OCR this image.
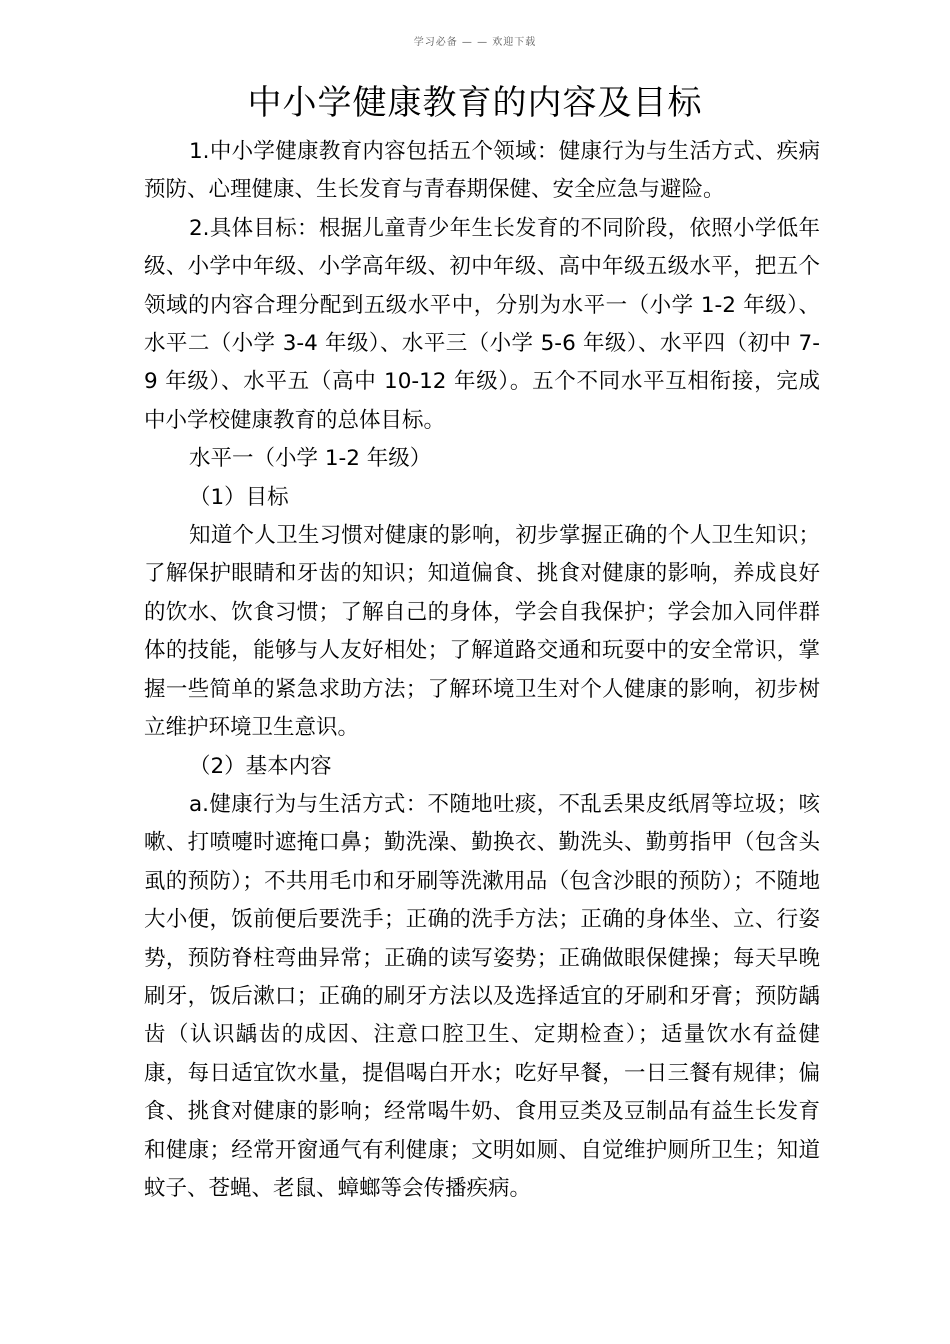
学习必备 — — 欢迎下载
中小学健康教育的内容及目标

1.中小学健康教育内容包括五个领域：健康行为与生活方式、疾病预防、心理健康、生长发育与青春期保健、安全应急与避险。

2.具体目标：根据儿童青少年生长发育的不同阶段，依照小学低年级、小学中年级、小学高年级、初中年级、高中年级五级水平，把五个领域的内容合理分配到五级水平中，分别为水平一（小学 1-2 年级）、水平二（小学 3-4 年级）、水平三（小学 5-6 年级）、水平四（初中 7-9 年级）、水平五（高中 10-12 年级）。五个不同水平互相衔接，完成中小学校健康教育的总体目标。

水平一（小学 1-2 年级）

（1）目标

知道个人卫生习惯对健康的影响，初步掌握正确的个人卫生知识；了解保护眼睛和牙齿的知识；知道偏食、挑食对健康的影响，养成良好的饮水、饮食习惯；了解自己的身体，学会自我保护；学会加入同伴群体的技能，能够与人友好相处；了解道路交通和玩耍中的安全常识，掌握一些简单的紧急求助方法；了解环境卫生对个人健康的影响，初步树立维护环境卫生意识。

（2）基本内容

a.健康行为与生活方式：不随地吐痰，不乱丢果皮纸屑等垃圾；咳嗽、打喷嚏时遮掩口鼻；勤洗澡、勤换衣、勤洗头、勤剪指甲（包含头虱的预防）；不共用毛巾和牙刷等洗漱用品（包含沙眼的预防）；不随地大小便，饭前便后要洗手；正确的洗手方法；正确的身体坐、立、行姿势，预防脊柱弯曲异常；正确的读写姿势；正确做眼保健操；每天早晚刷牙，饭后漱口；正确的刷牙方法以及选择适宜的牙刷和牙膏；预防龋齿（认识龋齿的成因、注意口腔卫生、定期检查）；适量饮水有益健康，每日适宜饮水量，提倡喝白开水；吃好早餐，一日三餐有规律；偏食、挑食对健康的影响；经常喝牛奶、食用豆类及豆制品有益生长发育和健康；经常开窗通气有利健康；文明如厕、自觉维护厕所卫生；知道蚊子、苍蝇、老鼠、蟑螂等会传播疾病。
